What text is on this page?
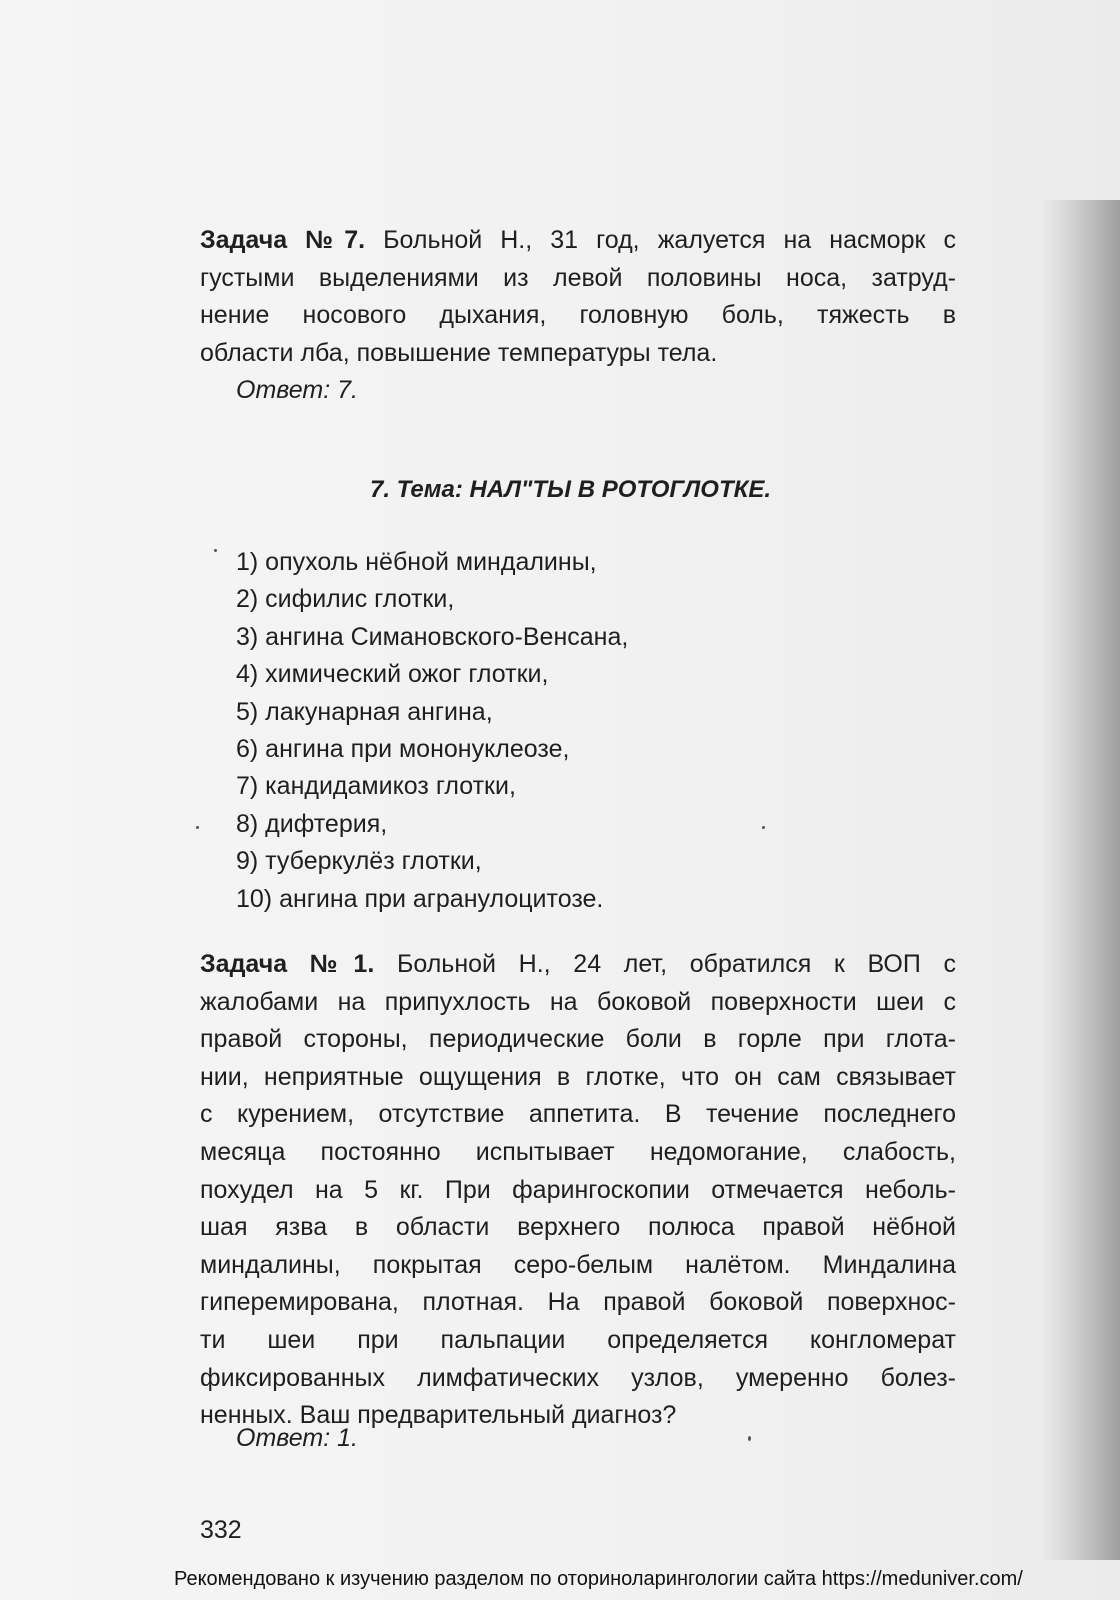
Задача №7. Больной Н., 31 год, жалуется на насморк с
густыми выделениями из левой половины носа, затруд-
нение носового дыхания, головную боль, тяжесть в
области лба, повышение температуры тела.
Ответ: 7.
7. Тема: НАЛ"ТЫ В РОТОГЛОТКЕ.
1) опухоль нёбной миндалины,
2) сифилис глотки,
3) ангина Симановского-Венсана,
4) химический ожог глотки,
5) лакунарная ангина,
6) ангина при мононуклеозе,
7) кандидамикоз глотки,
8) дифтерия,
9) туберкулёз глотки,
10) ангина при агранулоцитозе.
Задача №1. Больной Н., 24 лет, обратился к ВОП с
жалобами на припухлость на боковой поверхности шеи с
правой стороны, периодические боли в горле при глота-
нии, неприятные ощущения в глотке, что он сам связывает
с курением, отсутствие аппетита. В течение последнего
месяца постоянно испытывает недомогание, слабость,
похудел на 5 кг. При фарингоскопии отмечается неболь-
шая язва в области верхнего полюса правой нёбной
миндалины, покрытая серо-белым налётом. Миндалина
гиперемирована, плотная. На правой боковой поверхнос-
ти шеи при пальпации определяется конгломерат
фиксированных лимфатических узлов, умеренно болез-
ненных. Ваш предварительный диагноз?
Ответ: 1.
332
Рекомендовано к изучению разделом по оториноларингологии сайта https://meduniver.com/
